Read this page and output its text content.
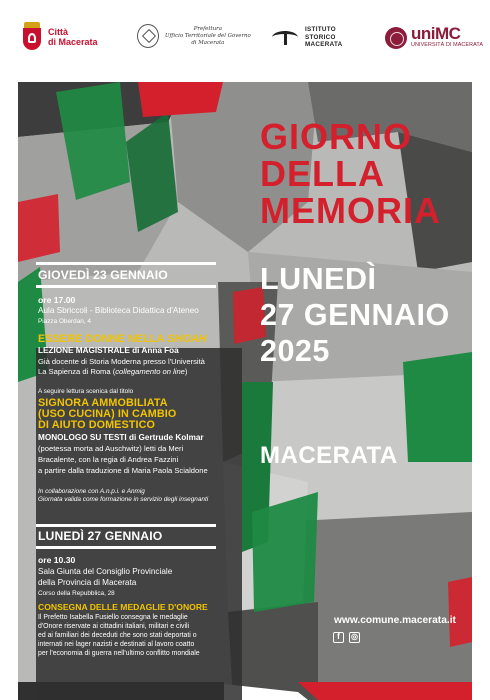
Città
di Macerata
Prefettura
Ufficio Territoriale del Governo
di Macerata
ISTITUTO
STORICO
MACERATA
uniMC
UNIVERSITÀ DI MACERATA
GIORNO
DELLA
MEMORIA
LUNEDÌ
27 GENNAIO
2025
MACERATA
GIOVEDÌ 23 GENNAIO
ore 17.00
Aula Sbriccoli - Biblioteca Didattica d'Ateneo
Piazza Oberdan, 4
ESSERE DONNE NELLA SHOAH
LEZIONE MAGISTRALE di Anna Foa
Già docente di Storia Moderna presso l'Università
La Sapienza di Roma (collegamento on line)
A seguire lettura scenica dal titolo
SIGNORA AMMOBILIATA
(USO CUCINA) IN CAMBIO
DI AIUTO DOMESTICO
MONOLOGO SU TESTI di Gertrude Kolmar
(poetessa morta ad Auschwitz) letti da Meri
Bracalente, con la regia di Andrea Fazzini
a partire dalla traduzione di Maria Paola Scialdone
In collaborazione con A.n.p.i. e Anmig
Giornata valida come formazione in servizio degli insegnanti
LUNEDÌ 27 GENNAIO
ore 10.30
Sala Giunta del Consiglio Provinciale
della Provincia di Macerata
Corso della Repubblica, 28
CONSEGNA DELLE MEDAGLIE D'ONORE
Il Prefetto Isabella Fusiello consegna le medaglie
d'Onore riservate ai cittadini italiani, militari e civili
ed ai familiari dei deceduti che sono stati deportati o
internati nei lager nazisti e destinati al lavoro coatto
per l'economia di guerra nell'ultimo conflitto mondiale
www.comune.macerata.it
f	◎
